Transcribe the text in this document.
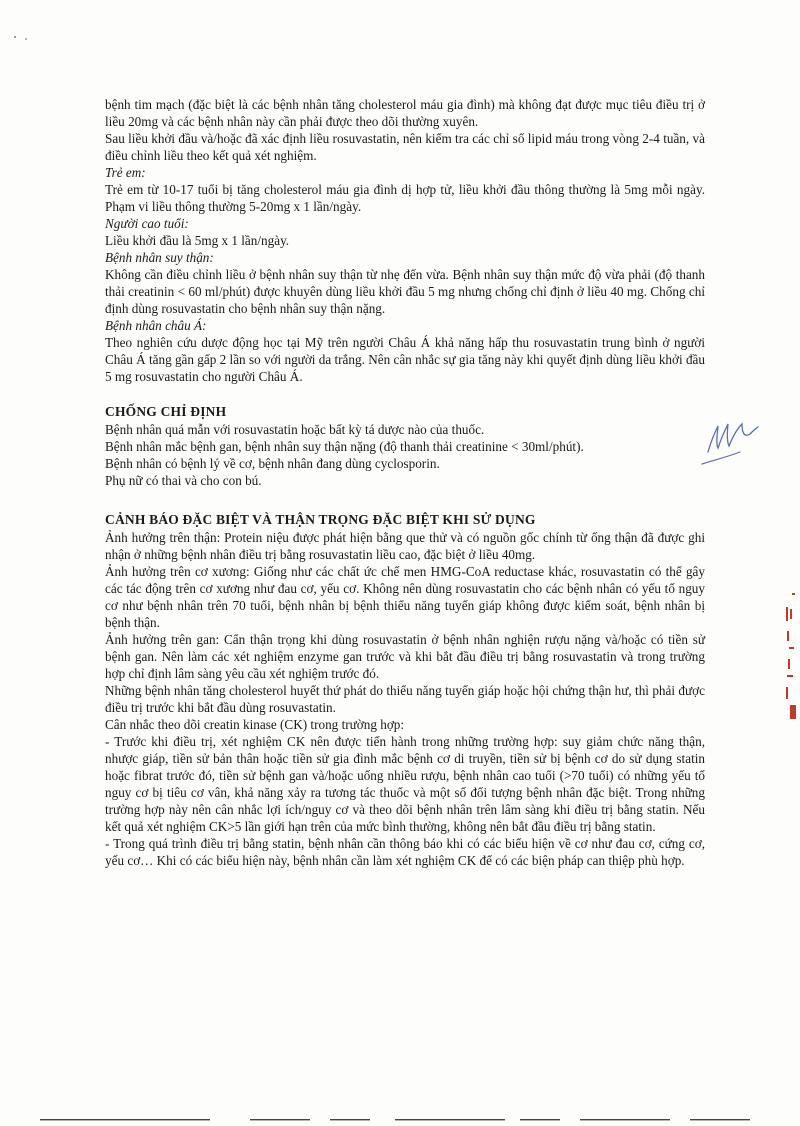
bệnh tim mạch (đặc biệt là các bệnh nhân tăng cholesterol máu gia đình) mà không đạt được mục tiêu điều trị ở liều 20mg và các bệnh nhân này cần phải được theo dõi thường xuyên.

Sau liều khởi đầu và/hoặc đã xác định liều rosuvastatin, nên kiểm tra các chỉ số lipid máu trong vòng 2-4 tuần, và điều chỉnh liều theo kết quả xét nghiệm.

Trẻ em:

Trẻ em từ 10-17 tuổi bị tăng cholesterol máu gia đình dị hợp tử, liều khởi đầu thông thường là 5mg mỗi ngày. Phạm vi liều thông thường 5-20mg x 1 lần/ngày.

Người cao tuổi:

Liều khởi đầu là 5mg x 1 lần/ngày.

Bệnh nhân suy thận:

Không cần điều chỉnh liều ở bệnh nhân suy thận từ nhẹ đến vừa. Bệnh nhân suy thận mức độ vừa phải (độ thanh thải creatinin < 60 ml/phút) được khuyên dùng liều khởi đầu 5 mg nhưng chống chỉ định ở liều 40 mg. Chống chỉ định dùng rosuvastatin cho bệnh nhân suy thận nặng.

Bệnh nhân châu Á:

Theo nghiên cứu dược động học tại Mỹ trên người Châu Á khả năng hấp thu rosuvastatin trung bình ở người Châu Á tăng gần gấp 2 lần so với người da trắng. Nên cân nhắc sự gia tăng này khi quyết định dùng liều khởi đầu 5 mg rosuvastatin cho người Châu Á.

CHỐNG CHỈ ĐỊNH

Bệnh nhân quá mẫn với rosuvastatin hoặc bất kỳ tá dược nào của thuốc.

Bệnh nhân mắc bệnh gan, bệnh nhân suy thận nặng (độ thanh thải creatinine < 30ml/phút).

Bệnh nhân có bệnh lý về cơ, bệnh nhân đang dùng cyclosporin.

Phụ nữ có thai và cho con bú.

CẢNH BÁO ĐẶC BIỆT VÀ THẬN TRỌNG ĐẶC BIỆT KHI SỬ DỤNG

Ảnh hưởng trên thận: Protein niệu được phát hiện bằng que thử và có nguồn gốc chính từ ống thận đã được ghi nhận ở những bệnh nhân điều trị bằng rosuvastatin liều cao, đặc biệt ở liều 40mg.

Ảnh hưởng trên cơ xương: Giống như các chất ức chế men HMG-CoA reductase khác, rosuvastatin có thể gây các tác động trên cơ xương như đau cơ, yếu cơ. Không nên dùng rosuvastatin cho các bệnh nhân có yếu tố nguy cơ như bệnh nhân trên 70 tuổi, bệnh nhân bị bệnh thiểu năng tuyến giáp không được kiểm soát, bệnh nhân bị bệnh thận.

Ảnh hưởng trên gan: Cẩn thận trọng khi dùng rosuvastatin ở bệnh nhân nghiện rượu nặng và/hoặc có tiền sử bệnh gan. Nên làm các xét nghiệm enzyme gan trước và khi bắt đầu điều trị bằng rosuvastatin và trong trường hợp chỉ định lâm sàng yêu cầu xét nghiệm trước đó.

Những bệnh nhân tăng cholesterol huyết thứ phát do thiểu năng tuyến giáp hoặc hội chứng thận hư, thì phải được điều trị trước khi bắt đầu dùng rosuvastatin.

Cân nhắc theo dõi creatin kinase (CK) trong trường hợp:

- Trước khi điều trị, xét nghiệm CK nên được tiến hành trong những trường hợp: suy giảm chức năng thận, nhược giáp, tiền sử bản thân hoặc tiền sử gia đình mắc bệnh cơ di truyền, tiền sử bị bệnh cơ do sử dụng statin hoặc fibrat trước đó, tiền sử bệnh gan và/hoặc uống nhiều rượu, bệnh nhân cao tuổi (>70 tuổi) có những yếu tố nguy cơ bị tiêu cơ vân, khả năng xảy ra tương tác thuốc và một số đối tượng bệnh nhân đặc biệt. Trong những trường hợp này nên cân nhắc lợi ích/nguy cơ và theo dõi bệnh nhân trên lâm sàng khi điều trị bằng statin. Nếu kết quả xét nghiệm CK>5 lần giới hạn trên của mức bình thường, không nên bắt đầu điều trị bằng statin.

- Trong quá trình điều trị bằng statin, bệnh nhân cần thông báo khi có các biểu hiện về cơ như đau cơ, cứng cơ, yếu cơ… Khi có các biểu hiện này, bệnh nhân cần làm xét nghiệm CK để có các biện pháp can thiệp phù hợp.
